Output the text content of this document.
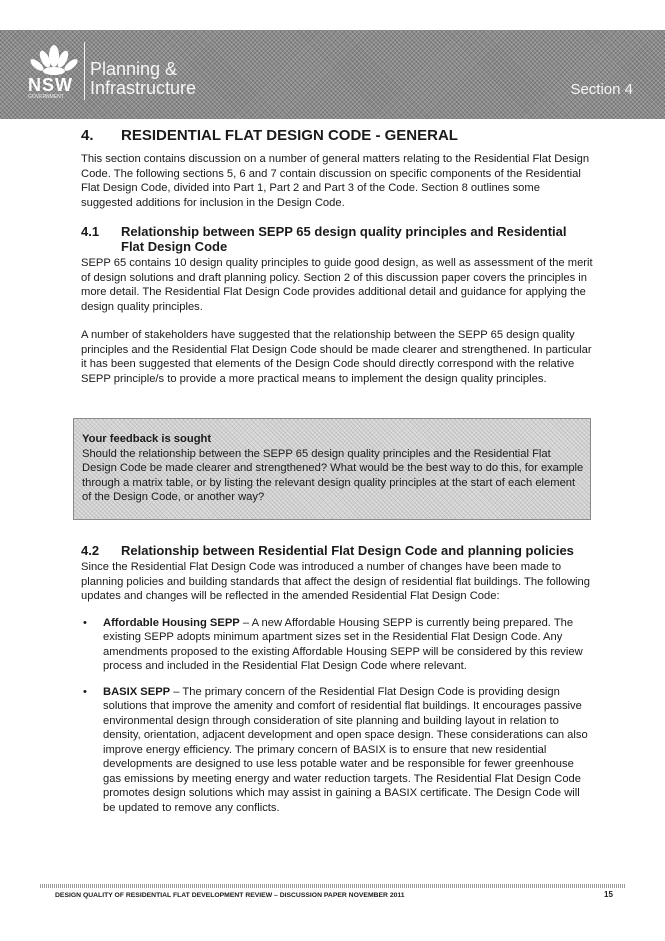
NSW
GOVERNMENT
Planning &
Infrastructure	Section 4
4.	RESIDENTIAL FLAT DESIGN CODE - GENERAL

This section contains discussion on a number of general matters relating to the Residential Flat Design Code. The following sections 5, 6 and 7 contain discussion on specific components of the Residential Flat Design Code, divided into Part 1, Part 2 and Part 3 of the Code. Section 8 outlines some suggested additions for inclusion in the Design Code.

4.1	Relationship between SEPP 65 design quality principles and Residential Flat Design Code

SEPP 65 contains 10 design quality principles to guide good design, as well as assessment of the merit of design solutions and draft planning policy. Section 2 of this discussion paper covers the principles in more detail. The Residential Flat Design Code provides additional detail and guidance for applying the design quality principles.

A number of stakeholders have suggested that the relationship between the SEPP 65 design quality principles and the Residential Flat Design Code should be made clearer and strengthened. In particular it has been suggested that elements of the Design Code should directly correspond with the relative SEPP principle/s to provide a more practical means to implement the design quality principles.

Your feedback is sought

Should the relationship between the SEPP 65 design quality principles and the Residential Flat Design Code be made clearer and strengthened? What would be the best way to do this, for example through a matrix table, or by listing the relevant design quality principles at the start of each element of the Design Code, or another way?

4.2	Relationship between Residential Flat Design Code and planning policies

Since the Residential Flat Design Code was introduced a number of changes have been made to planning policies and building standards that affect the design of residential flat buildings. The following updates and changes will be reflected in the amended Residential Flat Design Code:

• Affordable Housing SEPP – A new Affordable Housing SEPP is currently being prepared. The existing SEPP adopts minimum apartment sizes set in the Residential Flat Design Code. Any amendments proposed to the existing Affordable Housing SEPP will be considered by this review process and included in the Residential Flat Design Code where relevant.
• BASIX SEPP – The primary concern of the Residential Flat Design Code is providing design solutions that improve the amenity and comfort of residential flat buildings. It encourages passive environmental design through consideration of site planning and building layout in relation to density, orientation, adjacent development and open space design. These considerations can also improve energy efficiency. The primary concern of BASIX is to ensure that new residential developments are designed to use less potable water and be responsible for fewer greenhouse gas emissions by meeting energy and water reduction targets. The Residential Flat Design Code promotes design solutions which may assist in gaining a BASIX certificate. The Design Code will be updated to remove any conflicts.
DESIGN QUALITY OF RESIDENTIAL FLAT DEVELOPMENT REVIEW – DISCUSSION PAPER NOVEMBER 2011	15
